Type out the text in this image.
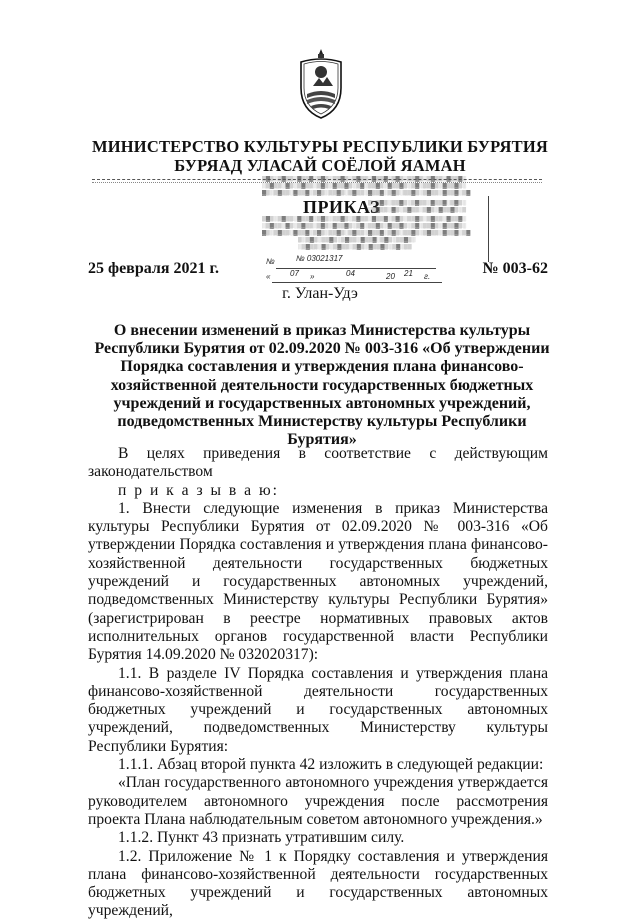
МИНИСТЕРСТВО КУЛЬТУРЫ РЕСПУБЛИКИ БУРЯТИЯ
БУРЯАД УЛАСАЙ СОЁЛОЙ ЯАМАН
▒▓▒░▒▓▒▒░▓▒▒▓░▒▓▒░▒▒▓▒░▒▓▒▒░▓▒▒▓░▒▓▒░▒▒▓▒░▒▓▒▒░▓▒▒▓░
░▒▓▒▒░▓▒░▒▓▒▒░▒▓▒░▓▒▒▓▒░▒▓░▒▒▓▒░▓▒▒▓▒░▒▓░▒▒▓▒░▓▒▒▓▒░
▓▒░▒▓▒▒░▓▒▒▓░▒▓▒░▒▒▓▒░▒▓▒▒░▓▒▒▓░▒▓▒░▒▒▓▒░▒▓▒▒░▓▒▒▓░▒▓
ПРИКАЗ
▒░▒▓▒░▒▒▓▒░▒▓▒▒░▓▒▒▓░▒▓▒░
░▒▓▒▒░▓▒░▒▓▒▒░▒▓▒░▓▒▒▓▒░▒
▒▓▒░▒▓▒▒░▓▒▒▓░▒▓▒░▒▒▓▒░▒▓▒▒░▓▒▒▓░▒▓▒░▒▒▓▒░▒▓▒▒░▓▒▒▓░
░▒▓▒▒░▓▒░▒▓▒▒░▒▓▒░▓▒▒▓▒░▒▓░▒▒▓▒░▓▒▒▓▒░▒▓░▒▒▓▒░▓▒▒▓▒░
▓▒░▒▓▒▒░▓▒▒▓░▒▓▒░▒▒▓▒░▒▓▒▒░▓▒▒▓░▒▓▒░▒▒▓▒░▒▓▒▒░▓▒▒▓░▒▓
▒░▒▓▒░▒▒▓▒░▒▓▒▒░▓▒▒▓░▒▓▒░▒▒▓▒░
░▒▓▒▒░▓▒░▒▓▒▒░▒▓▒░▓▒▒▓▒░▒▓░▒▒
№	№ 03021317
« 07 »	04	20 21 г.
25 февраля 2021 г.	№ 003-62
г. Улан-Удэ
О внесении изменений в приказ Министерства культуры Республики Бурятия от 02.09.2020 № 003-316 «Об утверждении Порядка составления и утверждения плана финансово-хозяйственной деятельности государственных бюджетных учреждений и государственных автономных учреждений, подведомственных Министерству культуры Республики Бурятия»

В целях приведения в соответствие с действующим законодательством

п р и к а з ы в а ю:

1. Внести следующие изменения в приказ Министерства культуры Республики Бурятия от 02.09.2020 № 003-316 «Об утверждении Порядка составления и утверждения плана финансово-хозяйственной деятельности государственных бюджетных учреждений и государственных автономных учреждений, подведомственных Министерству культуры Республики Бурятия» (зарегистрирован в реестре нормативных правовых актов исполнительных органов государственной власти Республики Бурятия 14.09.2020 № 032020317):

1.1. В разделе IV Порядка составления и утверждения плана финансово-хозяйственной деятельности государственных бюджетных учреждений и государственных автономных учреждений, подведомственных Министерству культуры Республики Бурятия:

1.1.1. Абзац второй пункта 42 изложить в следующей редакции:

«План государственного автономного учреждения утверждается руководителем автономного учреждения после рассмотрения проекта Плана наблюдательным советом автономного учреждения.»

1.1.2. Пункт 43 признать утратившим силу.

1.2. Приложение № 1 к Порядку составления и утверждения плана финансово-хозяйственной деятельности государственных бюджетных учреждений и государственных автономных учреждений,
